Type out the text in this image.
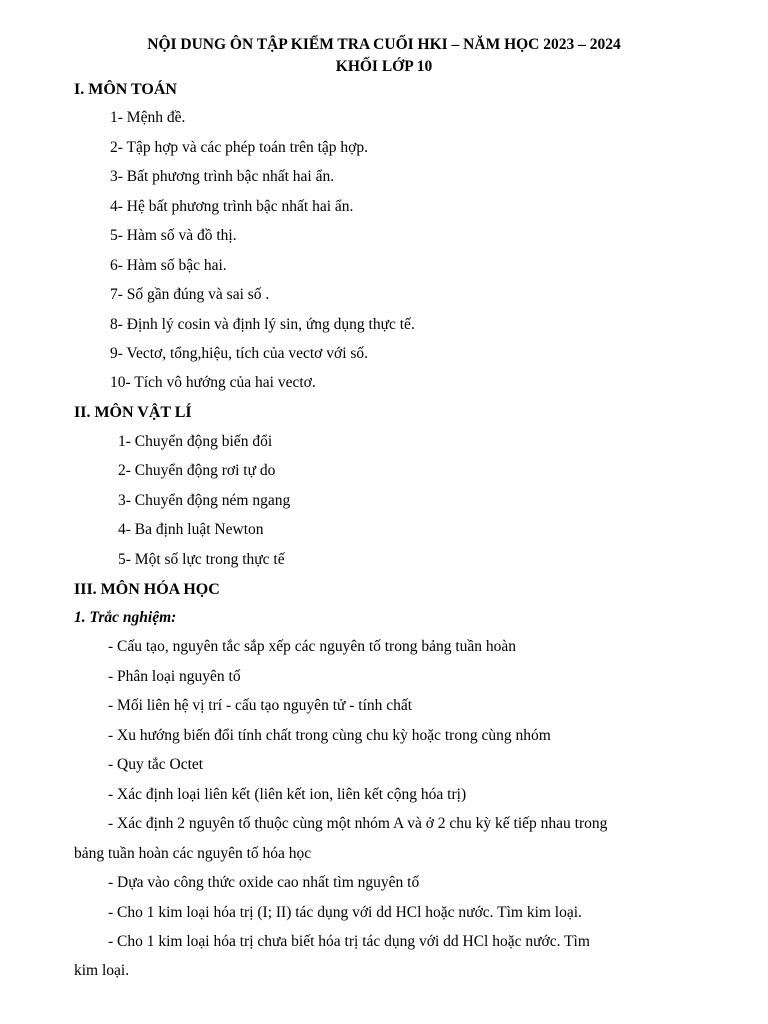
NỘI DUNG ÔN TẬP KIỂM TRA CUỐI HKI – NĂM HỌC 2023 – 2024
KHỐI LỚP 10
I. MÔN TOÁN
1- Mệnh đề.
2- Tập hợp và các phép toán trên tập hợp.
3- Bất phương trình bậc nhất hai ẩn.
4- Hệ bất phương trình bậc nhất hai ẩn.
5- Hàm số và đồ thị.
6- Hàm số bậc hai.
7- Số gần đúng và sai số .
8- Định lý cosin và định lý sin, ứng dụng thực tế.
9- Vectơ, tổng,hiệu, tích của vectơ với số.
10- Tích vô hướng của hai vectơ.
II. MÔN VẬT LÍ
1- Chuyển động biến đổi
2- Chuyển động rơi tự do
3- Chuyển động ném ngang
4- Ba định luật Newton
5- Một số lực trong thực tế
III. MÔN HÓA HỌC
1. Trắc nghiệm:
- Cấu tạo, nguyên tắc sắp xếp các nguyên tố trong bảng tuần hoàn
- Phân loại nguyên tố
- Mối liên hệ vị trí - cấu tạo nguyên tử - tính chất
- Xu hướng biến đổi tính chất trong cùng chu kỳ hoặc trong cùng nhóm
- Quy tắc Octet
- Xác định loại liên kết (liên kết ion, liên kết cộng hóa trị)
- Xác định 2 nguyên tố thuộc cùng một nhóm A và ở 2 chu kỳ kế tiếp nhau trong
bảng tuần hoàn các nguyên tố hóa học
- Dựa vào công thức oxide cao nhất tìm nguyên tố
- Cho 1 kim loại hóa trị (I; II) tác dụng với dd HCl hoặc nước. Tìm kim loại.
- Cho 1 kim loại hóa trị chưa biết hóa trị tác dụng với dd HCl hoặc nước. Tìm
kim loại.
